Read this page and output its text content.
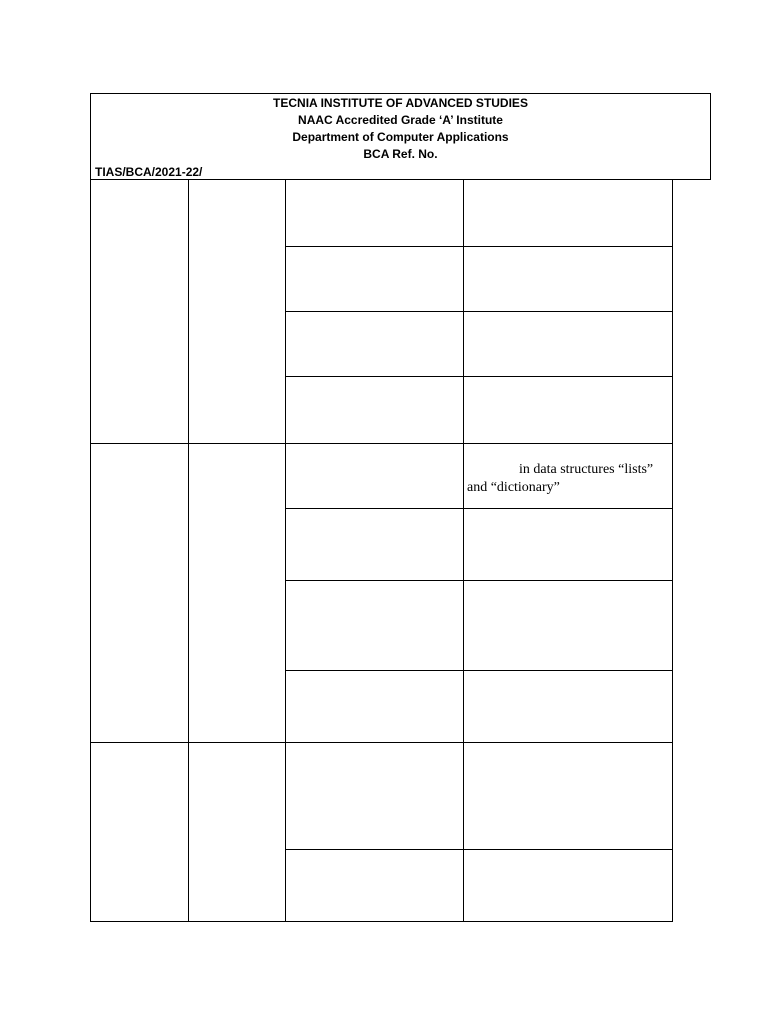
TECNIA INSTITUTE OF ADVANCED STUDIES
NAAC Accredited Grade ‘A’ Institute
Department of Computer Applications
BCA Ref. No.
TIAS/BCA/2021-22/
in data structures “lists”
and “dictionary”
